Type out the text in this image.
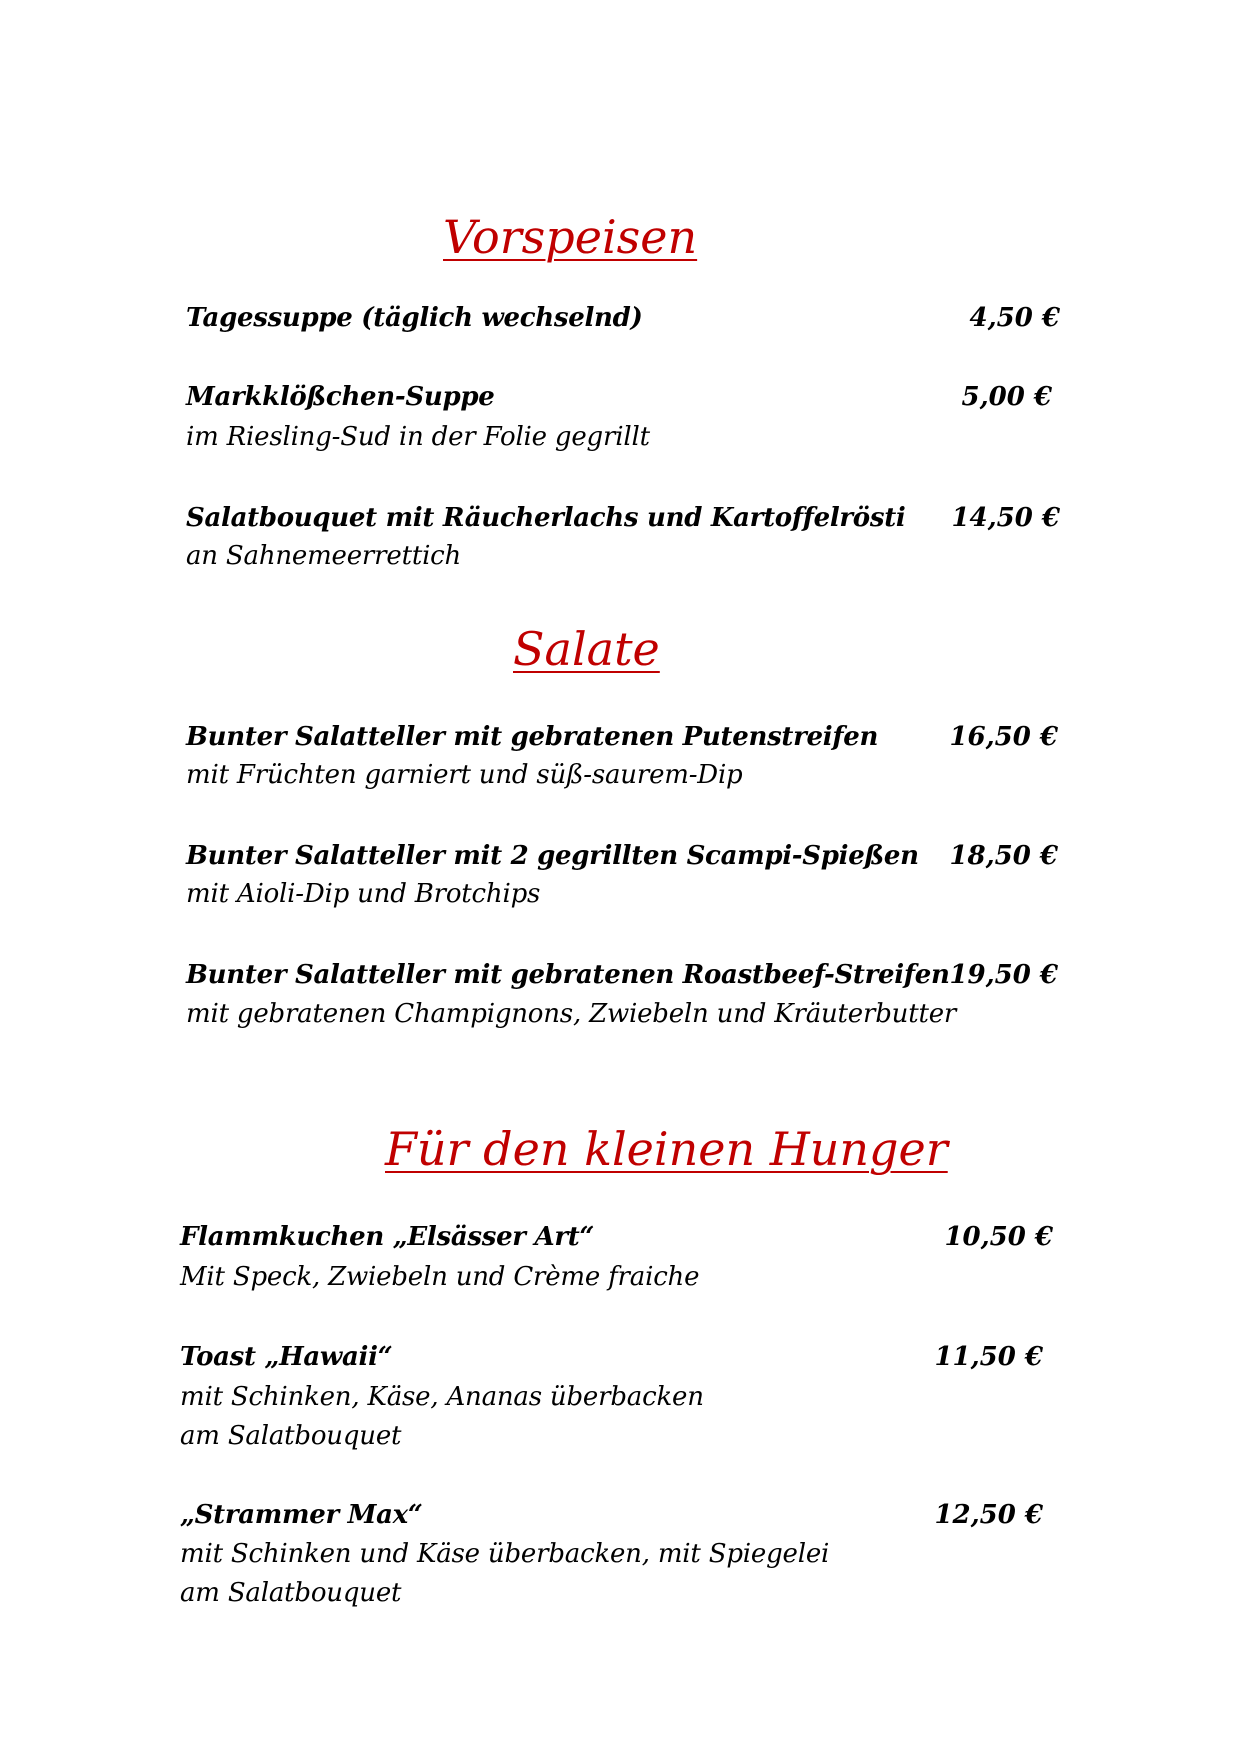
Vorspeisen
Tagessuppe (täglich wechselnd)	4,50 €
Markklößchen-Suppe	5,00 €
im Riesling-Sud in der Folie gegrillt
Salatbouquet mit Räucherlachs und Kartoffelrösti	14,50 €
an Sahnemeerrettich
Salate
Bunter Salatteller mit gebratenen Putenstreifen	16,50 €
mit Früchten garniert und süß-saurem-Dip
Bunter Salatteller mit 2 gegrillten Scampi-Spießen	18,50 €
mit Aioli-Dip und Brotchips
Bunter Salatteller mit gebratenen Roastbeef-Streifen 19,50 €
mit gebratenen Champignons, Zwiebeln und Kräuterbutter
Für den kleinen Hunger
Flammkuchen „Elsässer Art“	10,50 €
Mit Speck, Zwiebeln und Crème fraiche
Toast „Hawaii“	11,50 €
mit Schinken, Käse, Ananas überbacken
am Salatbouquet
„Strammer Max“	12,50 €
mit Schinken und Käse überbacken, mit Spiegelei
am Salatbouquet
